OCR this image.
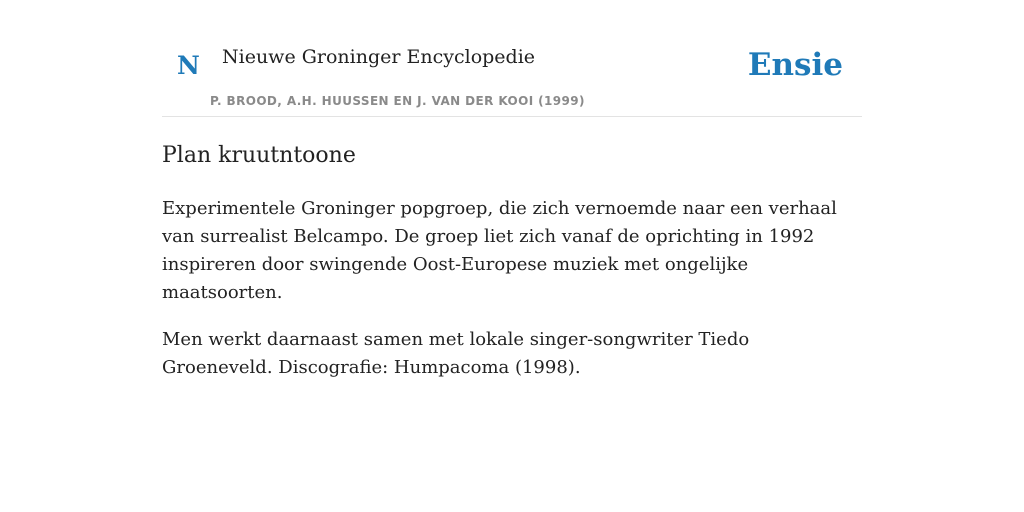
N Nieuwe Groninger Encyclopedie
P. BROOD, A.H. HUUSSEN EN J. VAN DER KOOI (1999)
Ensie
Plan kruutntoone

Experimentele Groninger popgroep, die zich vernoemde naar een verhaal van surrealist Belcampo. De groep liet zich vanaf de oprichting in 1992 inspireren door swingende Oost-Europese muziek met ongelijke maatsoorten.

Men werkt daarnaast samen met lokale singer-songwriter Tiedo Groeneveld. Discografie: Humpacoma (1998).
